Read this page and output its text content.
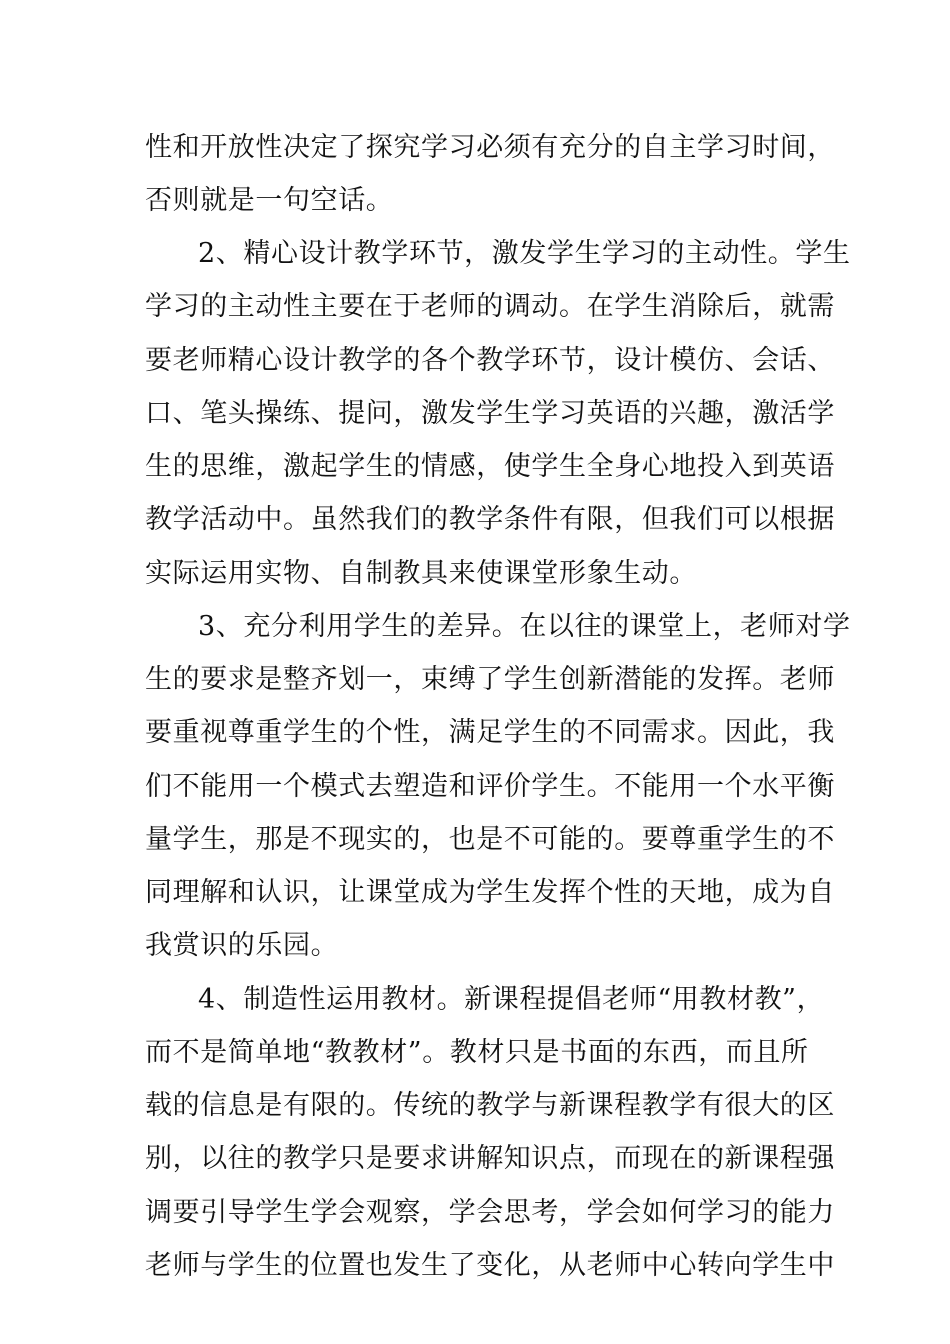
性和开放性决定了探究学习必须有充分的自主学习时间，
否则就是一句空话。
2、精心设计教学环节，激发学生学习的主动性。学生
学习的主动性主要在于老师的调动。在学生消除后，就需
要老师精心设计教学的各个教学环节，设计模仿、会话、
口、笔头操练、提问，激发学生学习英语的兴趣，激活学
生的思维，激起学生的情感，使学生全身心地投入到英语
教学活动中。虽然我们的教学条件有限，但我们可以根据
实际运用实物、自制教具来使课堂形象生动。
3、充分利用学生的差异。在以往的课堂上，老师对学
生的要求是整齐划一，束缚了学生创新潜能的发挥。老师
要重视尊重学生的个性，满足学生的不同需求。因此，我
们不能用一个模式去塑造和评价学生。不能用一个水平衡
量学生，那是不现实的，也是不可能的。要尊重学生的不
同理解和认识，让课堂成为学生发挥个性的天地，成为自
我赏识的乐园。
4、制造性运用教材。新课程提倡老师“用教材教”，
而不是简单地“教教材”。教材只是书面的东西，而且所
载的信息是有限的。传统的教学与新课程教学有很大的区
别，以往的教学只是要求讲解知识点，而现在的新课程强
调要引导学生学会观察，学会思考，学会如何学习的能力
老师与学生的位置也发生了变化，从老师中心转向学生中
